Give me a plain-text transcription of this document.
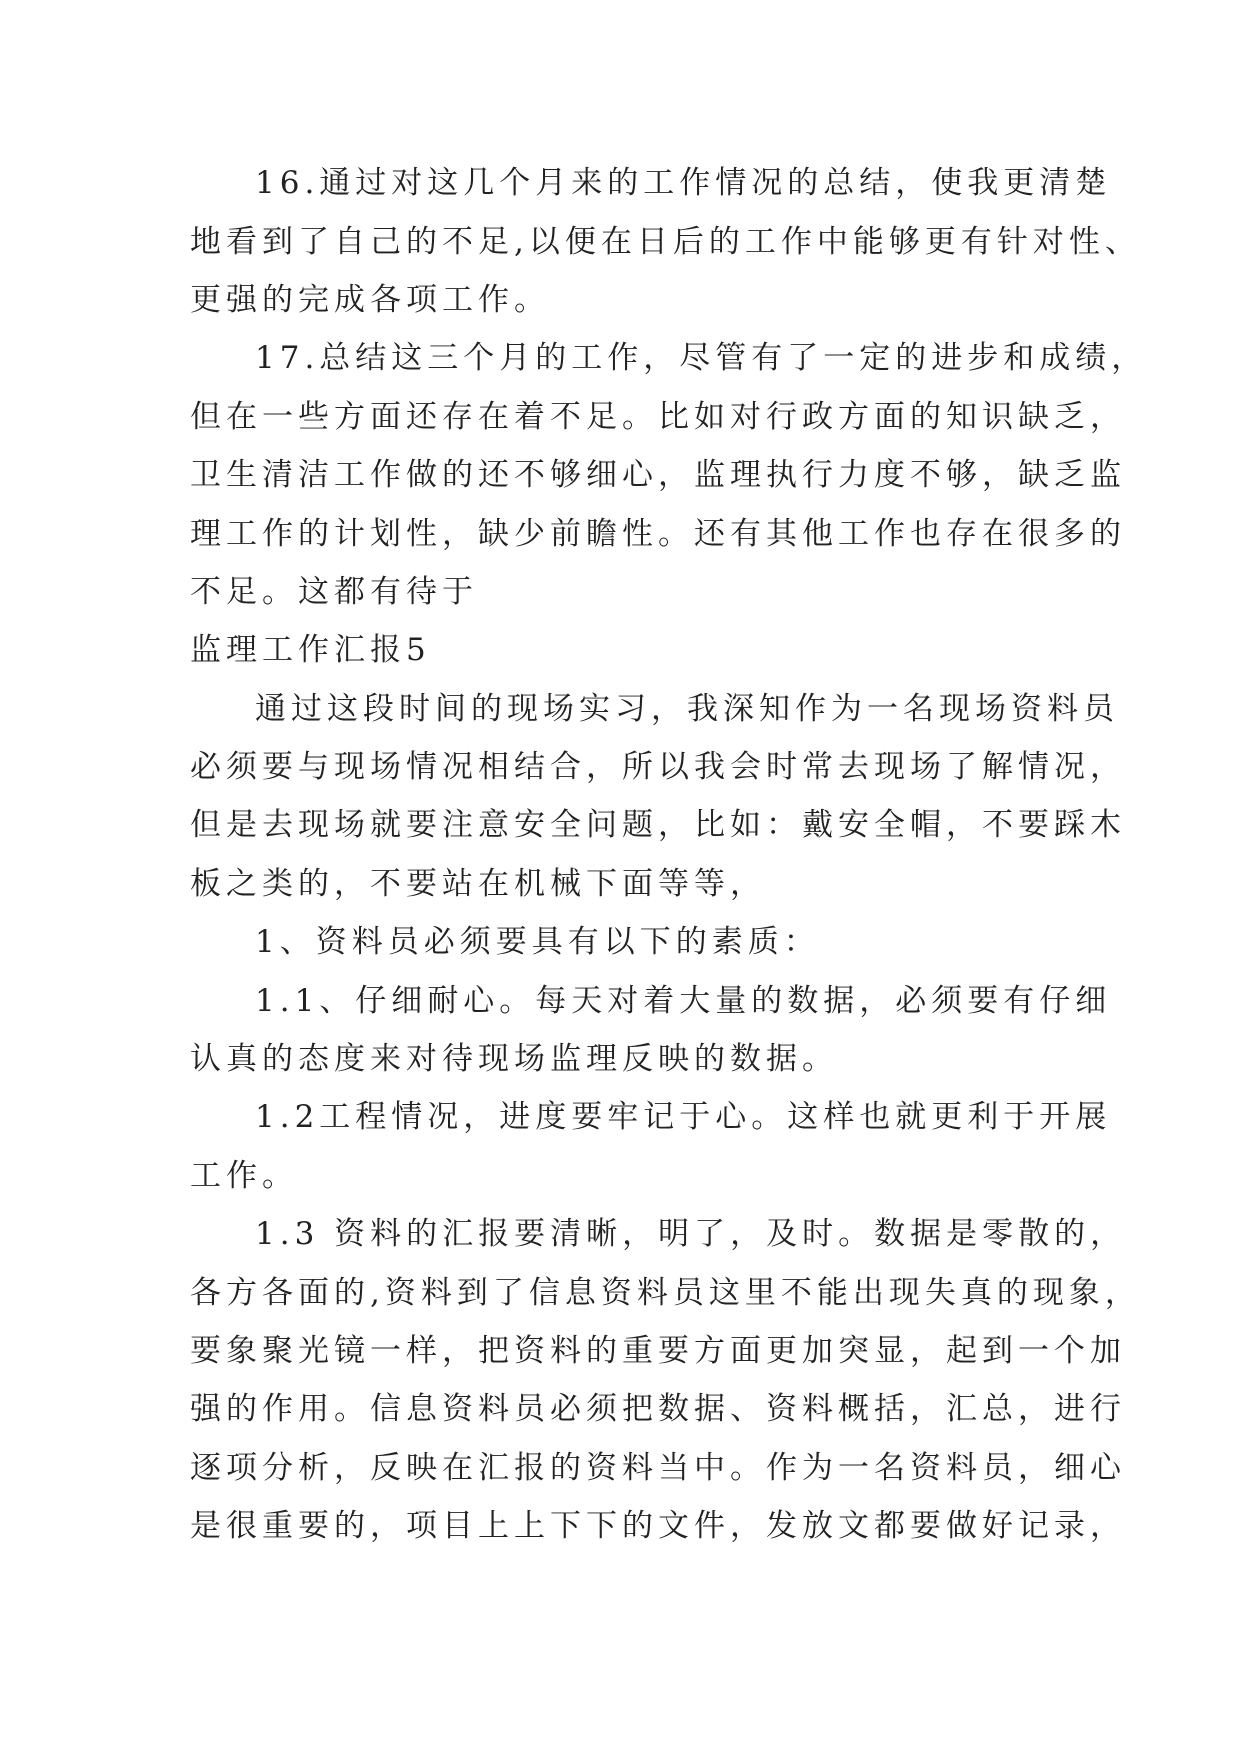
16.通过对这几个月来的工作情况的总结，使我更清楚
地看到了自己的不足,以便在日后的工作中能够更有针对性、
更强的完成各项工作。
17.总结这三个月的工作，尽管有了一定的进步和成绩，
但在一些方面还存在着不足。比如对行政方面的知识缺乏，
卫生清洁工作做的还不够细心，监理执行力度不够，缺乏监
理工作的计划性，缺少前瞻性。还有其他工作也存在很多的
不足。这都有待于
监理工作汇报5
通过这段时间的现场实习，我深知作为一名现场资料员
必须要与现场情况相结合，所以我会时常去现场了解情况，
但是去现场就要注意安全问题，比如：戴安全帽，不要踩木
板之类的，不要站在机械下面等等，
1、资料员必须要具有以下的素质：
1.1、仔细耐心。每天对着大量的数据，必须要有仔细
认真的态度来对待现场监理反映的数据。
1.2工程情况，进度要牢记于心。这样也就更利于开展
工作。
1.3 资料的汇报要清晰，明了，及时。数据是零散的，
各方各面的,资料到了信息资料员这里不能出现失真的现象，
要象聚光镜一样，把资料的重要方面更加突显，起到一个加
强的作用。信息资料员必须把数据、资料概括，汇总，进行
逐项分析，反映在汇报的资料当中。作为一名资料员，细心
是很重要的，项目上上下下的文件，发放文都要做好记录，
